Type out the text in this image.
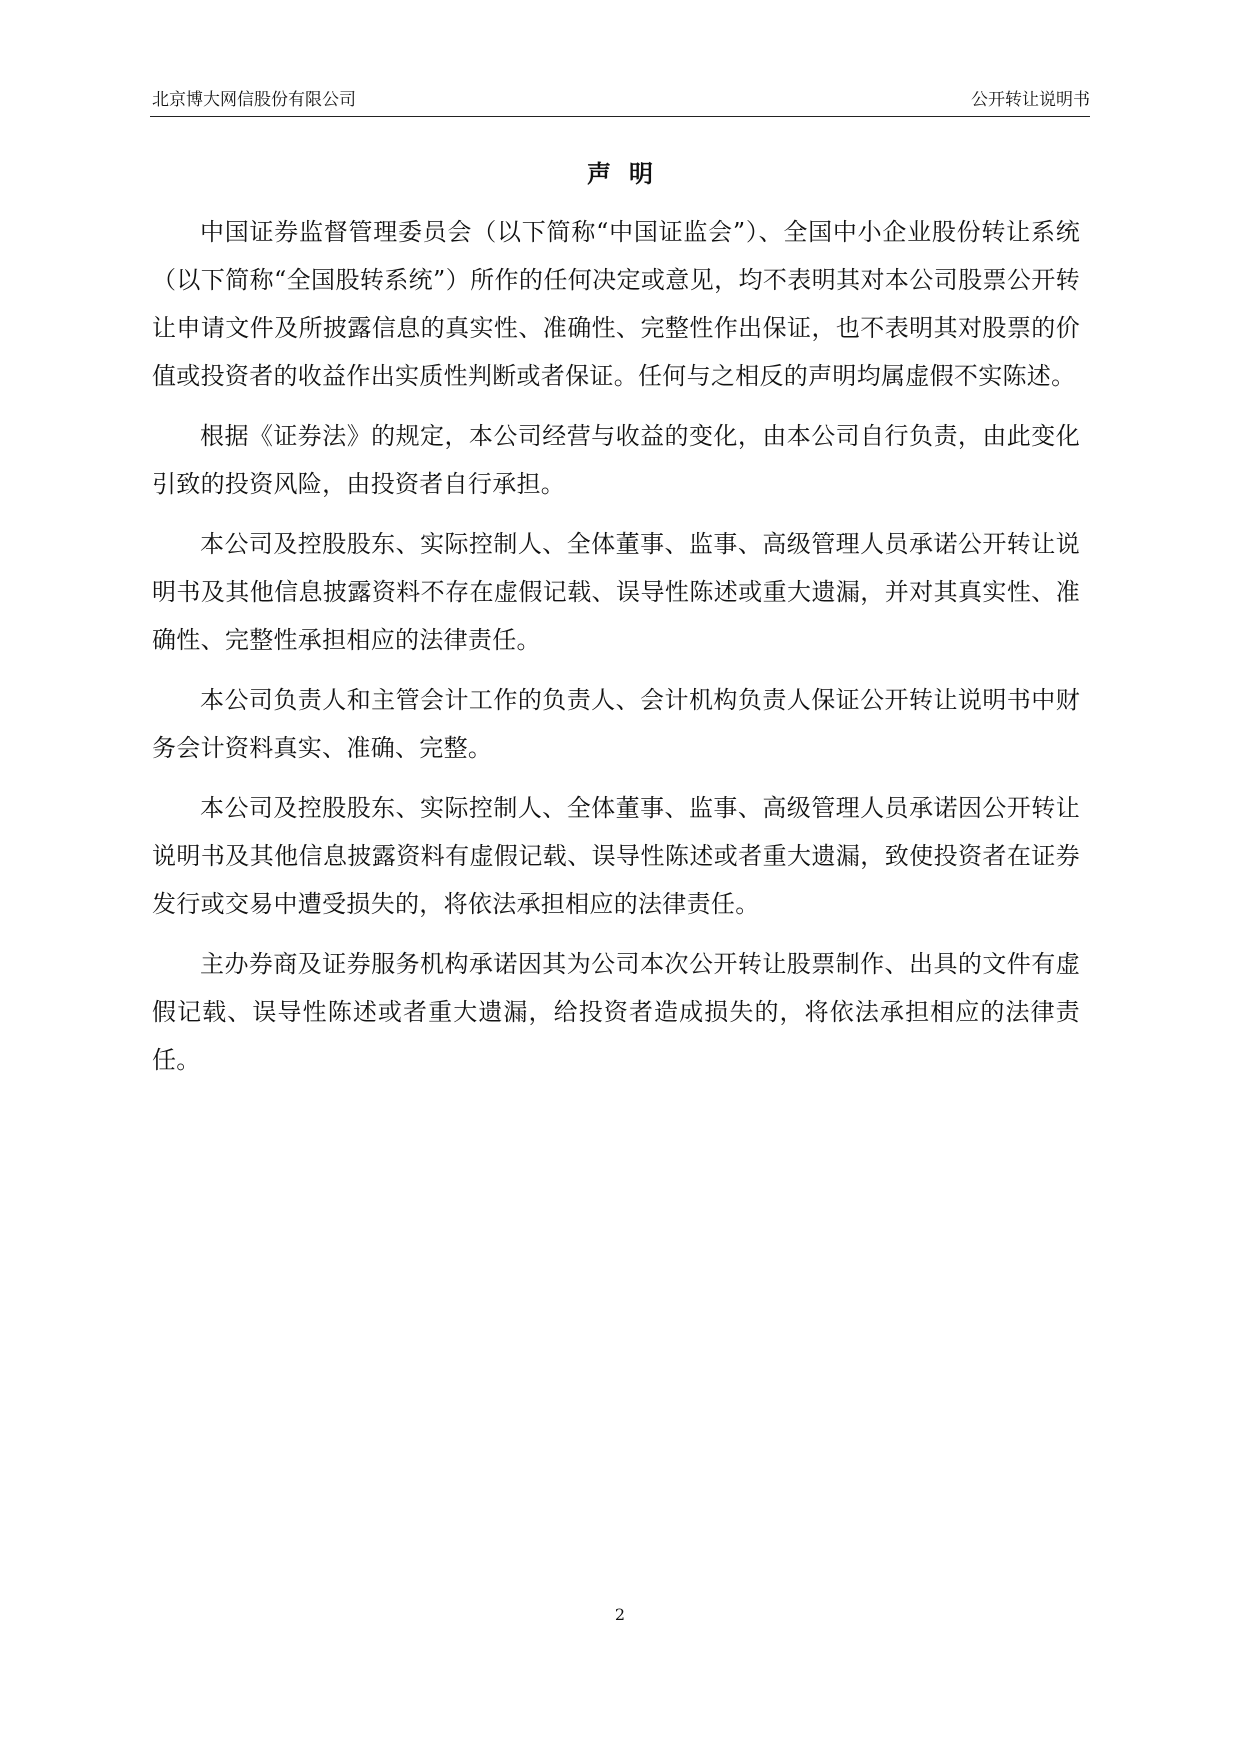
北京博大网信股份有限公司	公开转让说明书
声明

中国证券监督管理委员会（以下简称“中国证监会”）、全国中小企业股份转让系统（以下简称“全国股转系统”）所作的任何决定或意见，均不表明其对本公司股票公开转让申请文件及所披露信息的真实性、准确性、完整性作出保证，也不表明其对股票的价值或投资者的收益作出实质性判断或者保证。任何与之相反的声明均属虚假不实陈述。

根据《证券法》的规定，本公司经营与收益的变化，由本公司自行负责，由此变化引致的投资风险，由投资者自行承担。

本公司及控股股东、实际控制人、全体董事、监事、高级管理人员承诺公开转让说明书及其他信息披露资料不存在虚假记载、误导性陈述或重大遗漏，并对其真实性、准确性、完整性承担相应的法律责任。

本公司负责人和主管会计工作的负责人、会计机构负责人保证公开转让说明书中财务会计资料真实、准确、完整。

本公司及控股股东、实际控制人、全体董事、监事、高级管理人员承诺因公开转让说明书及其他信息披露资料有虚假记载、误导性陈述或者重大遗漏，致使投资者在证券发行或交易中遭受损失的，将依法承担相应的法律责任。

主办券商及证券服务机构承诺因其为公司本次公开转让股票制作、出具的文件有虚假记载、误导性陈述或者重大遗漏，给投资者造成损失的，将依法承担相应的法律责任。

2
